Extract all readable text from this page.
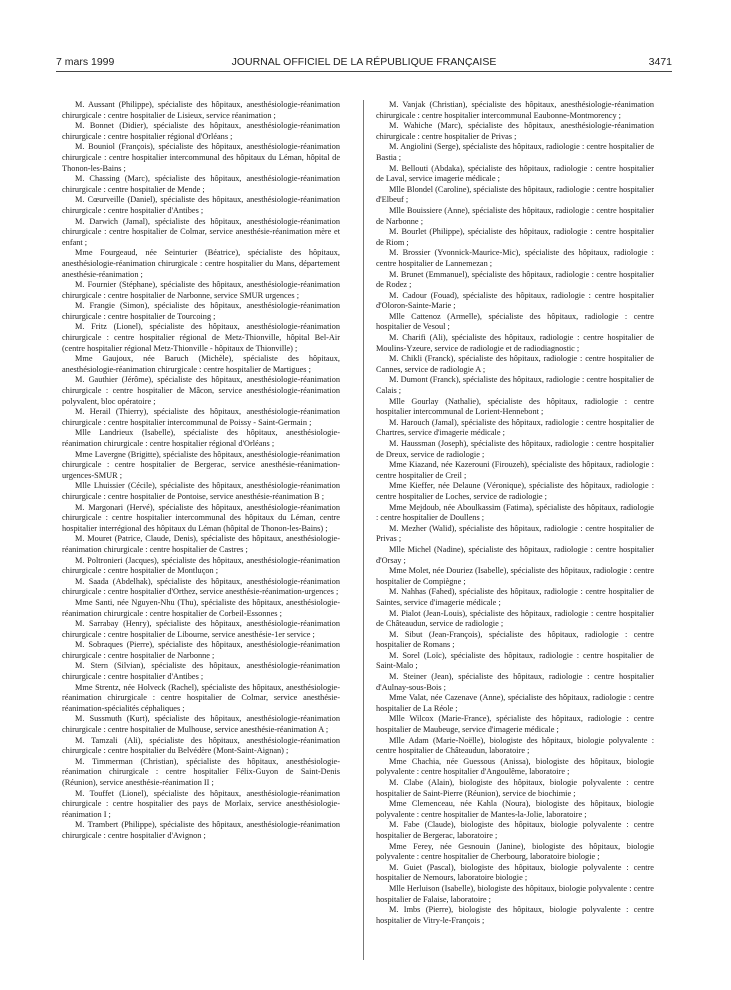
7 mars 1999	JOURNAL OFFICIEL DE LA RÉPUBLIQUE FRANÇAISE	3471

M. Aussant (Philippe), spécialiste des hôpitaux, anesthésiologie-réanimation chirurgicale : centre hospitalier de Lisieux, service réanimation ;

M. Bonnet (Didier), spécialiste des hôpitaux, anesthésiologie-réanimation chirurgicale : centre hospitalier régional d'Orléans ;

M. Bouniol (François), spécialiste des hôpitaux, anesthésiologie-réanimation chirurgicale : centre hospitalier intercommunal des hôpitaux du Léman, hôpital de Thonon-les-Bains ;

M. Chassing (Marc), spécialiste des hôpitaux, anesthésiologie-réanimation chirurgicale : centre hospitalier de Mende ;

M. Cœurveille (Daniel), spécialiste des hôpitaux, anesthésiologie-réanimation chirurgicale : centre hospitalier d'Antibes ;

M. Darwich (Jamal), spécialiste des hôpitaux, anesthésiologie-réanimation chirurgicale : centre hospitalier de Colmar, service anesthésie-réanimation mère et enfant ;

Mme Fourgeaud, née Seinturier (Béatrice), spécialiste des hôpitaux, anesthésiologie-réanimation chirurgicale : centre hospitalier du Mans, département anesthésie-réanimation ;

M. Fournier (Stéphane), spécialiste des hôpitaux, anesthésiologie-réanimation chirurgicale : centre hospitalier de Narbonne, service SMUR urgences ;

M. Frangie (Simon), spécialiste des hôpitaux, anesthésiologie-réanimation chirurgicale : centre hospitalier de Tourcoing ;

M. Fritz (Lionel), spécialiste des hôpitaux, anesthésiologie-réanimation chirurgicale : centre hospitalier régional de Metz-Thionville, hôpital Bel-Air (centre hospitalier régional Metz-Thionville - hôpitaux de Thionville) ;

Mme Gaujoux, née Baruch (Michèle), spécialiste des hôpitaux, anesthésiologie-réanimation chirurgicale : centre hospitalier de Martigues ;

M. Gauthier (Jérôme), spécialiste des hôpitaux, anesthésiologie-réanimation chirurgicale : centre hospitalier de Mâcon, service anesthésiologie-réanimation polyvalent, bloc opératoire ;

M. Herail (Thierry), spécialiste des hôpitaux, anesthésiologie-réanimation chirurgicale : centre hospitalier intercommunal de Poissy - Saint-Germain ;

Mlle Landrieux (Isabelle), spécialiste des hôpitaux, anesthésiologie-réanimation chirurgicale : centre hospitalier régional d'Orléans ;

Mme Lavergne (Brigitte), spécialiste des hôpitaux, anesthésiologie-réanimation chirurgicale : centre hospitalier de Bergerac, service anesthésie-réanimation-urgences-SMUR ;

Mlle Lhuissier (Cécile), spécialiste des hôpitaux, anesthésiologie-réanimation chirurgicale : centre hospitalier de Pontoise, service anesthésie-réanimation B ;

M. Margonari (Hervé), spécialiste des hôpitaux, anesthésiologie-réanimation chirurgicale : centre hospitalier intercommunal des hôpitaux du Léman, centre hospitalier interrégional des hôpitaux du Léman (hôpital de Thonon-les-Bains) ;

M. Mouret (Patrice, Claude, Denis), spécialiste des hôpitaux, anesthésiologie-réanimation chirurgicale : centre hospitalier de Castres ;

M. Poltronieri (Jacques), spécialiste des hôpitaux, anesthésiologie-réanimation chirurgicale : centre hospitalier de Montluçon ;

M. Saada (Abdelhak), spécialiste des hôpitaux, anesthésiologie-réanimation chirurgicale : centre hospitalier d'Orthez, service anesthésie-réanimation-urgences ;

Mme Santi, née Nguyen-Nhu (Thu), spécialiste des hôpitaux, anesthésiologie-réanimation chirurgicale : centre hospitalier de Corbeil-Essonnes ;

M. Sarrabay (Henry), spécialiste des hôpitaux, anesthésiologie-réanimation chirurgicale : centre hospitalier de Libourne, service anesthésie-1er service ;

M. Sobraques (Pierre), spécialiste des hôpitaux, anesthésiologie-réanimation chirurgicale : centre hospitalier de Narbonne ;

M. Stern (Silvian), spécialiste des hôpitaux, anesthésiologie-réanimation chirurgicale : centre hospitalier d'Antibes ;

Mme Strentz, née Holveck (Rachel), spécialiste des hôpitaux, anesthésiologie-réanimation chirurgicale : centre hospitalier de Colmar, service anesthésie-réanimation-spécialités céphaliques ;

M. Sussmuth (Kurt), spécialiste des hôpitaux, anesthésiologie-réanimation chirurgicale : centre hospitalier de Mulhouse, service anesthésie-réanimation A ;

M. Tamzali (Ali), spécialiste des hôpitaux, anesthésiologie-réanimation chirurgicale : centre hospitalier du Belvédère (Mont-Saint-Aignan) ;

M. Timmerman (Christian), spécialiste des hôpitaux, anesthésiologie-réanimation chirurgicale : centre hospitalier Félix-Guyon de Saint-Denis (Réunion), service anesthésie-réanimation II ;

M. Touffet (Lionel), spécialiste des hôpitaux, anesthésiologie-réanimation chirurgicale : centre hospitalier des pays de Morlaix, service anesthésiologie-réanimation I ;

M. Trambert (Philippe), spécialiste des hôpitaux, anesthésiologie-réanimation chirurgicale : centre hospitalier d'Avignon ;

M. Vanjak (Christian), spécialiste des hôpitaux, anesthésiologie-réanimation chirurgicale : centre hospitalier intercommunal Eaubonne-Montmorency ;

M. Wahiche (Marc), spécialiste des hôpitaux, anesthésiologie-réanimation chirurgicale : centre hospitalier de Privas ;

M. Angiolini (Serge), spécialiste des hôpitaux, radiologie : centre hospitalier de Bastia ;

M. Bellouti (Abdaka), spécialiste des hôpitaux, radiologie : centre hospitalier de Laval, service imagerie médicale ;

Mlle Blondel (Caroline), spécialiste des hôpitaux, radiologie : centre hospitalier d'Elbeuf ;

Mlle Bouissiere (Anne), spécialiste des hôpitaux, radiologie : centre hospitalier de Narbonne ;

M. Bourlet (Philippe), spécialiste des hôpitaux, radiologie : centre hospitalier de Riom ;

M. Brossier (Yvonnick-Maurice-Mic), spécialiste des hôpitaux, radiologie : centre hospitalier de Lannemezan ;

M. Brunet (Emmanuel), spécialiste des hôpitaux, radiologie : centre hospitalier de Rodez ;

M. Cadour (Fouad), spécialiste des hôpitaux, radiologie : centre hospitalier d'Oloron-Sainte-Marie ;

Mlle Cattenoz (Armelle), spécialiste des hôpitaux, radiologie : centre hospitalier de Vesoul ;

M. Charifi (Ali), spécialiste des hôpitaux, radiologie : centre hospitalier de Moulins-Yzeure, service de radiologie et de radiodiagnostic ;

M. Chikli (Franck), spécialiste des hôpitaux, radiologie : centre hospitalier de Cannes, service de radiologie A ;

M. Dumont (Franck), spécialiste des hôpitaux, radiologie : centre hospitalier de Calais ;

Mlle Gourlay (Nathalie), spécialiste des hôpitaux, radiologie : centre hospitalier intercommunal de Lorient-Hennebont ;

M. Harouch (Jamal), spécialiste des hôpitaux, radiologie : centre hospitalier de Chartres, service d'imagerie médicale ;

M. Haussman (Joseph), spécialiste des hôpitaux, radiologie : centre hospitalier de Dreux, service de radiologie ;

Mme Kiazand, née Kazerouni (Firouzeh), spécialiste des hôpitaux, radiologie : centre hospitalier de Creil ;

Mme Kieffer, née Delaune (Véronique), spécialiste des hôpitaux, radiologie : centre hospitalier de Loches, service de radiologie ;

Mme Mejdoub, née Aboulkassim (Fatima), spécialiste des hôpitaux, radiologie : centre hospitalier de Doullens ;

M. Mezher (Walid), spécialiste des hôpitaux, radiologie : centre hospitalier de Privas ;

Mlle Michel (Nadine), spécialiste des hôpitaux, radiologie : centre hospitalier d'Orsay ;

Mme Molet, née Douriez (Isabelle), spécialiste des hôpitaux, radiologie : centre hospitalier de Compiègne ;

M. Nahhas (Fahed), spécialiste des hôpitaux, radiologie : centre hospitalier de Saintes, service d'imagerie médicale ;

M. Pialot (Jean-Louis), spécialiste des hôpitaux, radiologie : centre hospitalier de Châteaudun, service de radiologie ;

M. Sibut (Jean-François), spécialiste des hôpitaux, radiologie : centre hospitalier de Romans ;

M. Sorel (Loïc), spécialiste des hôpitaux, radiologie : centre hospitalier de Saint-Malo ;

M. Steiner (Jean), spécialiste des hôpitaux, radiologie : centre hospitalier d'Aulnay-sous-Bois ;

Mme Valat, née Cazenave (Anne), spécialiste des hôpitaux, radiologie : centre hospitalier de La Réole ;

Mlle Wilcox (Marie-France), spécialiste des hôpitaux, radiologie : centre hospitalier de Maubeuge, service d'imagerie médicale ;

Mlle Adam (Marie-Noëlle), biologiste des hôpitaux, biologie polyvalente : centre hospitalier de Châteaudun, laboratoire ;

Mme Chachia, née Guessous (Anissa), biologiste des hôpitaux, biologie polyvalente : centre hospitalier d'Angoulême, laboratoire ;

M. Clabe (Alain), biologiste des hôpitaux, biologie polyvalente : centre hospitalier de Saint-Pierre (Réunion), service de biochimie ;

Mme Clemenceau, née Kahla (Noura), biologiste des hôpitaux, biologie polyvalente : centre hospitalier de Mantes-la-Jolie, laboratoire ;

M. Fabe (Claude), biologiste des hôpitaux, biologie polyvalente : centre hospitalier de Bergerac, laboratoire ;

Mme Ferey, née Gesnouin (Janine), biologiste des hôpitaux, biologie polyvalente : centre hospitalier de Cherbourg, laboratoire biologie ;

M. Guiet (Pascal), biologiste des hôpitaux, biologie polyvalente : centre hospitalier de Nemours, laboratoire biologie ;

Mlle Herluison (Isabelle), biologiste des hôpitaux, biologie polyvalente : centre hospitalier de Falaise, laboratoire ;

M. Imbs (Pierre), biologiste des hôpitaux, biologie polyvalente : centre hospitalier de Vitry-le-François ;
